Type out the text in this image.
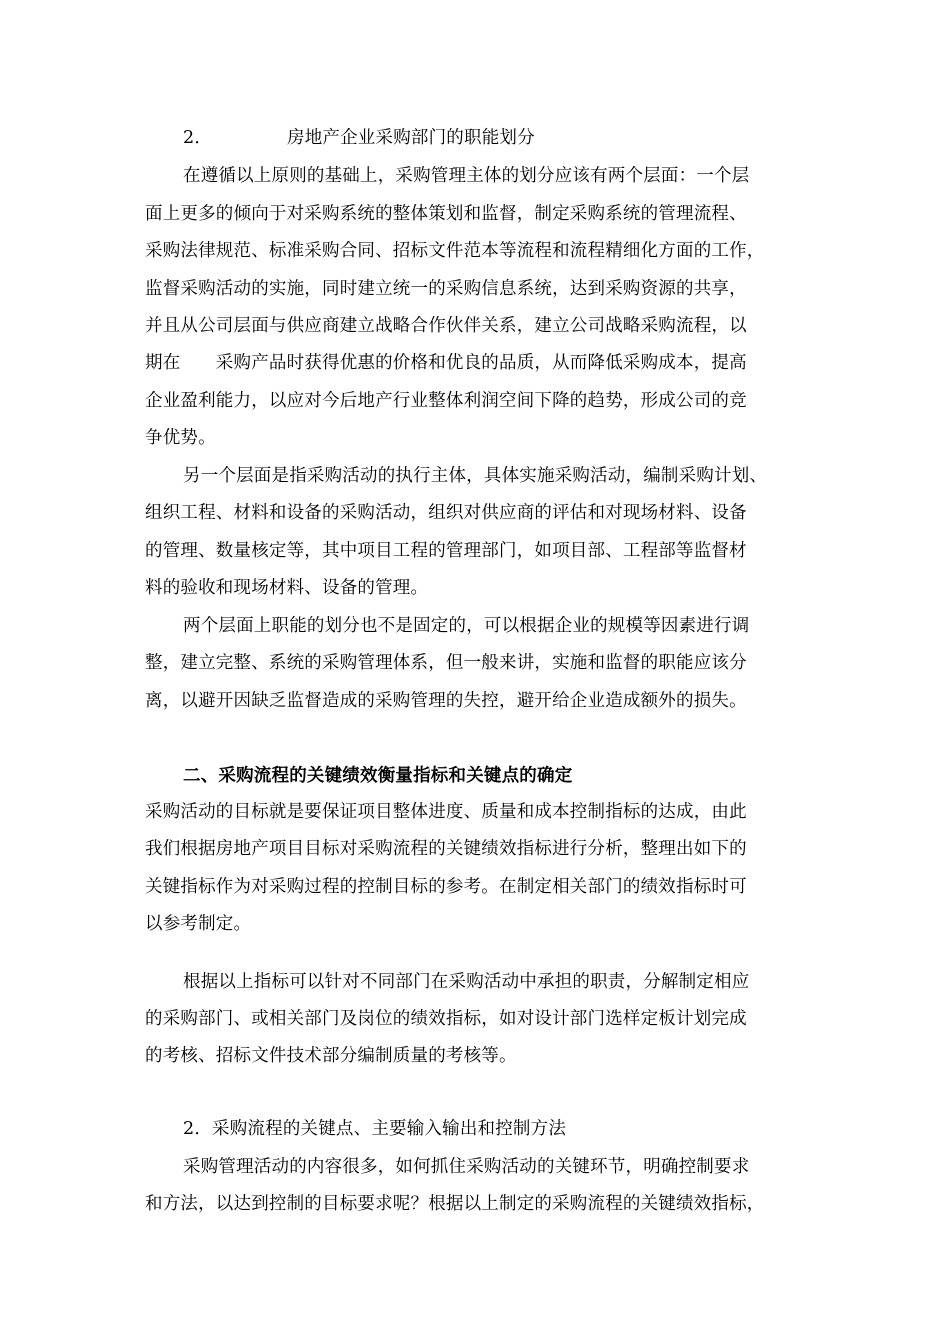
2．	房地产企业采购部门的职能划分
在遵循以上原则的基础上，采购管理主体的划分应该有两个层面：一个层
面上更多的倾向于对采购系统的整体策划和监督，制定采购系统的管理流程、
采购法律规范、标准采购合同、招标文件范本等流程和流程精细化方面的工作，
监督采购活动的实施，同时建立统一的采购信息系统，达到采购资源的共享，
并且从公司层面与供应商建立战略合作伙伴关系，建立公司战略采购流程，以
期在　　采购产品时获得优惠的价格和优良的品质，从而降低采购成本，提高
企业盈利能力，以应对今后地产行业整体利润空间下降的趋势，形成公司的竞
争优势。
另一个层面是指采购活动的执行主体，具体实施采购活动，编制采购计划、
组织工程、材料和设备的采购活动，组织对供应商的评估和对现场材料、设备
的管理、数量核定等，其中项目工程的管理部门，如项目部、工程部等监督材
料的验收和现场材料、设备的管理。
两个层面上职能的划分也不是固定的，可以根据企业的规模等因素进行调
整，建立完整、系统的采购管理体系，但一般来讲，实施和监督的职能应该分
离，以避开因缺乏监督造成的采购管理的失控，避开给企业造成额外的损失。
二、采购流程的关键绩效衡量指标和关键点的确定
采购活动的目标就是要保证项目整体进度、质量和成本控制指标的达成，由此
我们根据房地产项目目标对采购流程的关键绩效指标进行分析，整理出如下的
关键指标作为对采购过程的控制目标的参考。在制定相关部门的绩效指标时可
以参考制定。
根据以上指标可以针对不同部门在采购活动中承担的职责，分解制定相应
的采购部门、或相关部门及岗位的绩效指标，如对设计部门选样定板计划完成
的考核、招标文件技术部分编制质量的考核等。
2．采购流程的关键点、主要输入输出和控制方法
采购管理活动的内容很多，如何抓住采购活动的关键环节，明确控制要求
和方法，以达到控制的目标要求呢？根据以上制定的采购流程的关键绩效指标，
